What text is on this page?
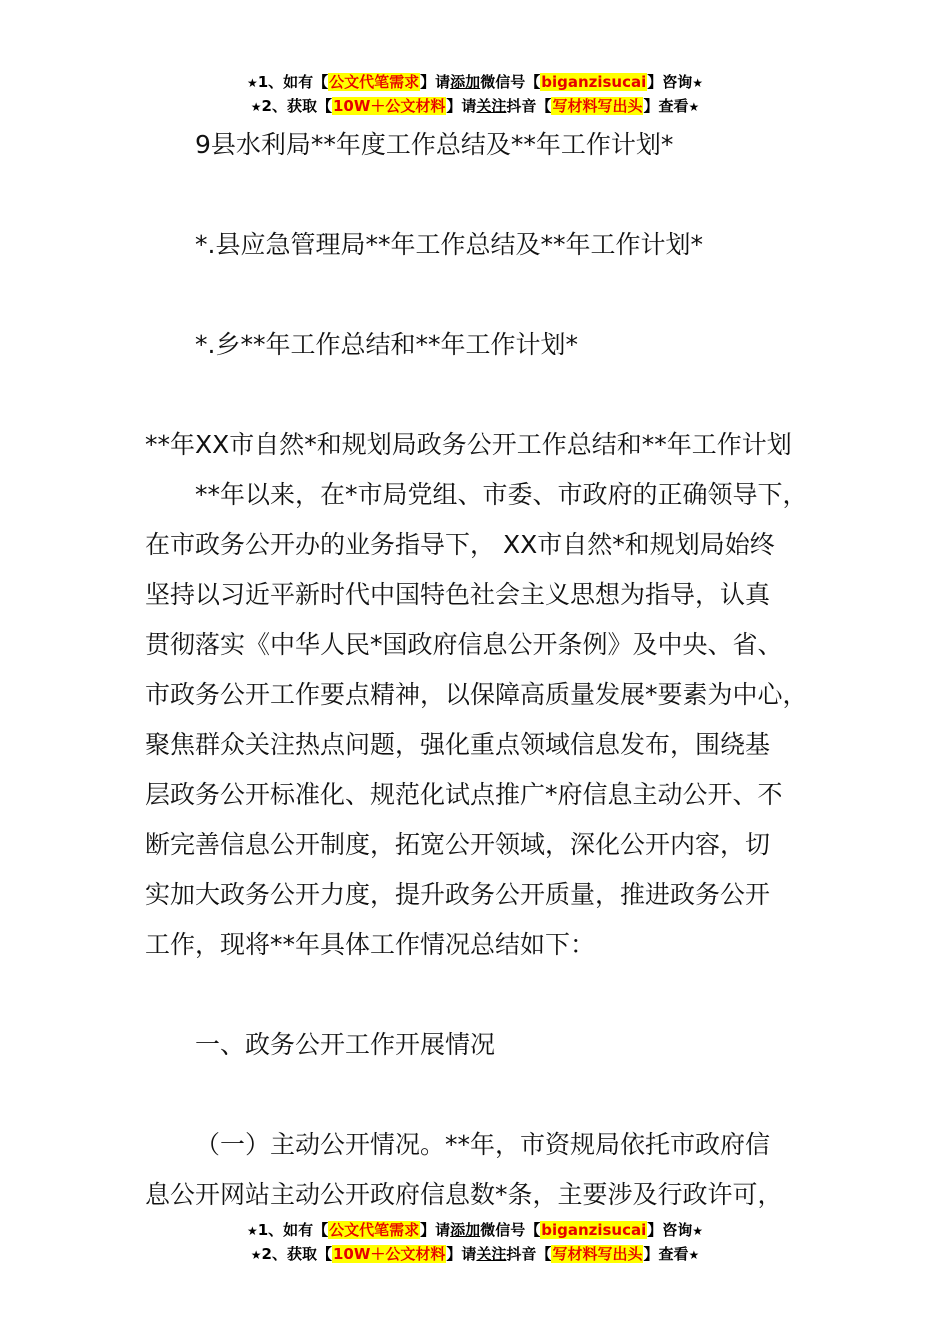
★1、如有【公文代笔需求】请添加微信号【biganzisucai】咨询★
★2、获取【10W＋公文材料】请关注抖音【写材料写出头】查看★
9县水利局**年度工作总结及**年工作计划*
*.县应急管理局**年工作总结及**年工作计划*
*.乡**年工作总结和**年工作计划*
**年XX市自然*和规划局政务公开工作总结和**年工作计划
**年以来，在*市局党组、市委、市政府的正确领导下，
在市政务公开办的业务指导下， XX市自然*和规划局始终
坚持以习近平新时代中国特色社会主义思想为指导，认真
贯彻落实《中华人民*国政府信息公开条例》及中央、省、
市政务公开工作要点精神，以保障高质量发展*要素为中心，
聚焦群众关注热点问题，强化重点领域信息发布，围绕基
层政务公开标准化、规范化试点推广*府信息主动公开、不
断完善信息公开制度，拓宽公开领域，深化公开内容，切
实加大政务公开力度，提升政务公开质量，推进政务公开
工作，现将**年具体工作情况总结如下：
一、政务公开工作开展情况
（一）主动公开情况。**年，市资规局依托市政府信
息公开网站主动公开政府信息数*条，主要涉及行政许可，
★1、如有【公文代笔需求】请添加微信号【biganzisucai】咨询★
★2、获取【10W＋公文材料】请关注抖音【写材料写出头】查看★
